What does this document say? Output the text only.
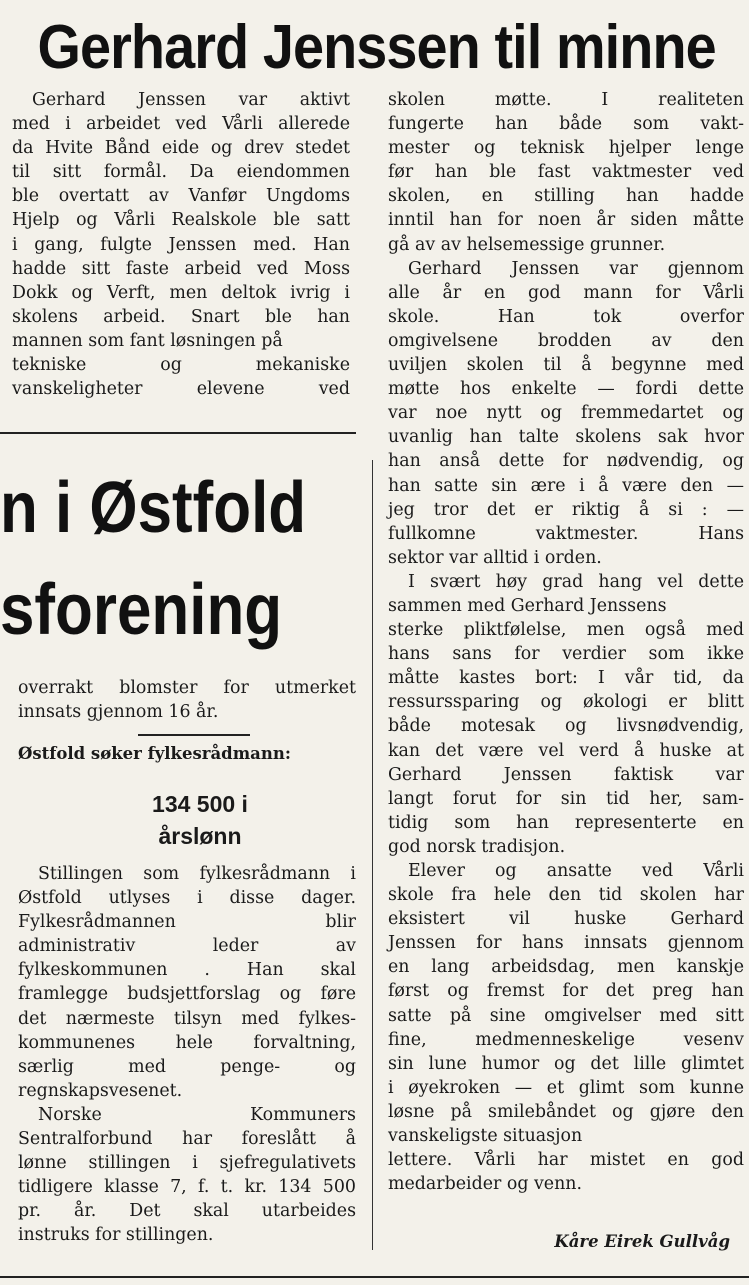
Gerhard Jenssen til minne
Gerhard Jenssen var aktivt
med i arbeidet ved Vårli allerede
da Hvite Bånd eide og drev stedet
til sitt formål. Da eiendommen
ble overtatt av Vanfør Ungdoms
Hjelp og Vårli Realskole ble satt
i gang, fulgte Jenssen med. Han
hadde sitt faste arbeid ved Moss
Dokk og Verft, men deltok ivrig i
skolens arbeid. Snart ble han
mannen som fant løsningen på
tekniske og mekaniske
vanskeligheter elevene ved
n i Østfold
sforening
overrakt blomster for utmerket
innsats gjennom 16 år.
Østfold søker fylkesrådmann:
134 500 i
årslønn
Stillingen som fylkesrådmann i
Østfold utlyses i disse dager.
Fylkesrådmannen blir
administrativ leder av
fylkeskommunen . Han skal
framlegge budsjettforslag og føre
det nærmeste tilsyn med fylkes-
kommunenes hele forvaltning,
særlig med penge- og
regnskapsvesenet.
Norske Kommuners
Sentralforbund har foreslått å
lønne stillingen i sjefregulativets
tidligere klasse 7, f. t. kr. 134 500
pr. år. Det skal utarbeides
instruks for stillingen.
skolen møtte. I realiteten
fungerte han både som vakt-
mester og teknisk hjelper lenge
før han ble fast vaktmester ved
skolen, en stilling han hadde
inntil han for noen år siden måtte
gå av av helsemessige grunner.
Gerhard Jenssen var gjennom
alle år en god mann for Vårli
skole. Han tok overfor
omgivelsene brodden av den
uviljen skolen til å begynne med
møtte hos enkelte — fordi dette
var noe nytt og fremmedartet og
uvanlig han talte skolens sak hvor
han anså dette for nødvendig, og
han satte sin ære i å være den —
jeg tror det er riktig å si : —
fullkomne vaktmester. Hans
sektor var alltid i orden.
I svært høy grad hang vel dette
sammen med Gerhard Jenssens
sterke pliktfølelse, men også med
hans sans for verdier som ikke
måtte kastes bort: I vår tid, da
ressurssparing og økologi er blitt
både motesak og livsnødvendig,
kan det være vel verd å huske at
Gerhard Jenssen faktisk var
langt forut for sin tid her, sam-
tidig som han representerte en
god norsk tradisjon.
Elever og ansatte ved Vårli
skole fra hele den tid skolen har
eksistert vil huske Gerhard
Jenssen for hans innsats gjennom
en lang arbeidsdag, men kanskje
først og fremst for det preg han
satte på sine omgivelser med sitt
fine, medmenneskelige vesenv
sin lune humor og det lille glimtet
i øyekroken — et glimt som kunne
løsne på smilebåndet og gjøre den
vanskeligste situasjon
lettere. Vårli har mistet en god
medarbeider og venn.
Kåre Eirek Gullvåg
